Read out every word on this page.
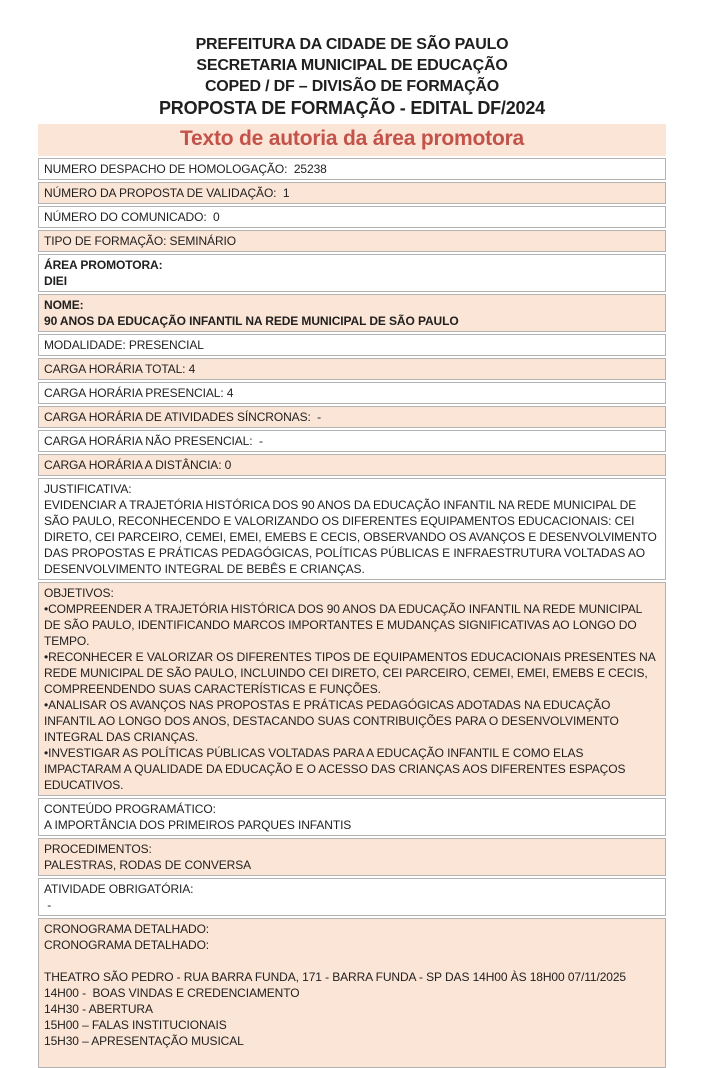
PREFEITURA DA CIDADE DE SÃO PAULO
SECRETARIA MUNICIPAL DE EDUCAÇÃO
COPED / DF – DIVISÃO DE FORMAÇÃO
PROPOSTA DE FORMAÇÃO - EDITAL DF/2024
Texto de autoria da área promotora
NUMERO DESPACHO DE HOMOLOGAÇÃO:  25238
NÚMERO DA PROPOSTA DE VALIDAÇÃO:  1
NÚMERO DO COMUNICADO:  0
TIPO DE FORMAÇÃO: SEMINÁRIO
ÁREA PROMOTORA:
DIEI
NOME:
90 ANOS DA EDUCAÇÃO INFANTIL NA REDE MUNICIPAL DE SÃO PAULO
MODALIDADE: PRESENCIAL
CARGA HORÁRIA TOTAL: 4
CARGA HORÁRIA PRESENCIAL: 4
CARGA HORÁRIA DE ATIVIDADES SÍNCRONAS:  -
CARGA HORÁRIA NÃO PRESENCIAL:  -
CARGA HORÁRIA A DISTÂNCIA: 0
JUSTIFICATIVA:
EVIDENCIAR A TRAJETÓRIA HISTÓRICA DOS 90 ANOS DA EDUCAÇÃO INFANTIL NA REDE MUNICIPAL DE SÃO PAULO, RECONHECENDO E VALORIZANDO OS DIFERENTES EQUIPAMENTOS EDUCACIONAIS: CEI DIRETO, CEI PARCEIRO, CEMEI, EMEI, EMEBS E CECIS, OBSERVANDO OS AVANÇOS E DESENVOLVIMENTO DAS PROPOSTAS E PRÁTICAS PEDAGÓGICAS, POLÍTICAS PÚBLICAS E INFRAESTRUTURA VOLTADAS AO DESENVOLVIMENTO INTEGRAL DE BEBÊS E CRIANÇAS.
OBJETIVOS:
•COMPREENDER A TRAJETÓRIA HISTÓRICA DOS 90 ANOS DA EDUCAÇÃO INFANTIL NA REDE MUNICIPAL DE SÃO PAULO, IDENTIFICANDO MARCOS IMPORTANTES E MUDANÇAS SIGNIFICATIVAS AO LONGO DO TEMPO.
•RECONHECER E VALORIZAR OS DIFERENTES TIPOS DE EQUIPAMENTOS EDUCACIONAIS PRESENTES NA REDE MUNICIPAL DE SÃO PAULO, INCLUINDO CEI DIRETO, CEI PARCEIRO, CEMEI, EMEI, EMEBS E CECIS, COMPREENDENDO SUAS CARACTERÍSTICAS E FUNÇÕES.
•ANALISAR OS AVANÇOS NAS PROPOSTAS E PRÁTICAS PEDAGÓGICAS ADOTADAS NA EDUCAÇÃO INFANTIL AO LONGO DOS ANOS, DESTACANDO SUAS CONTRIBUIÇÕES PARA O DESENVOLVIMENTO INTEGRAL DAS CRIANÇAS.
•INVESTIGAR AS POLÍTICAS PÚBLICAS VOLTADAS PARA A EDUCAÇÃO INFANTIL E COMO ELAS IMPACTARAM A QUALIDADE DA EDUCAÇÃO E O ACESSO DAS CRIANÇAS AOS DIFERENTES ESPAÇOS EDUCATIVOS.
CONTEÚDO PROGRAMÁTICO:
A IMPORTÂNCIA DOS PRIMEIROS PARQUES INFANTIS
PROCEDIMENTOS:
PALESTRAS, RODAS DE CONVERSA
ATIVIDADE OBRIGATÓRIA:
-
CRONOGRAMA DETALHADO:
CRONOGRAMA DETALHADO:
THEATRO SÃO PEDRO - RUA BARRA FUNDA, 171 - BARRA FUNDA - SP DAS 14H00 ÀS 18H00 07/11/2025
14H00 -  BOAS VINDAS E CREDENCIAMENTO
14H30 - ABERTURA
15H00 – FALAS INSTITUCIONAIS
15H30 – APRESENTAÇÃO MUSICAL
